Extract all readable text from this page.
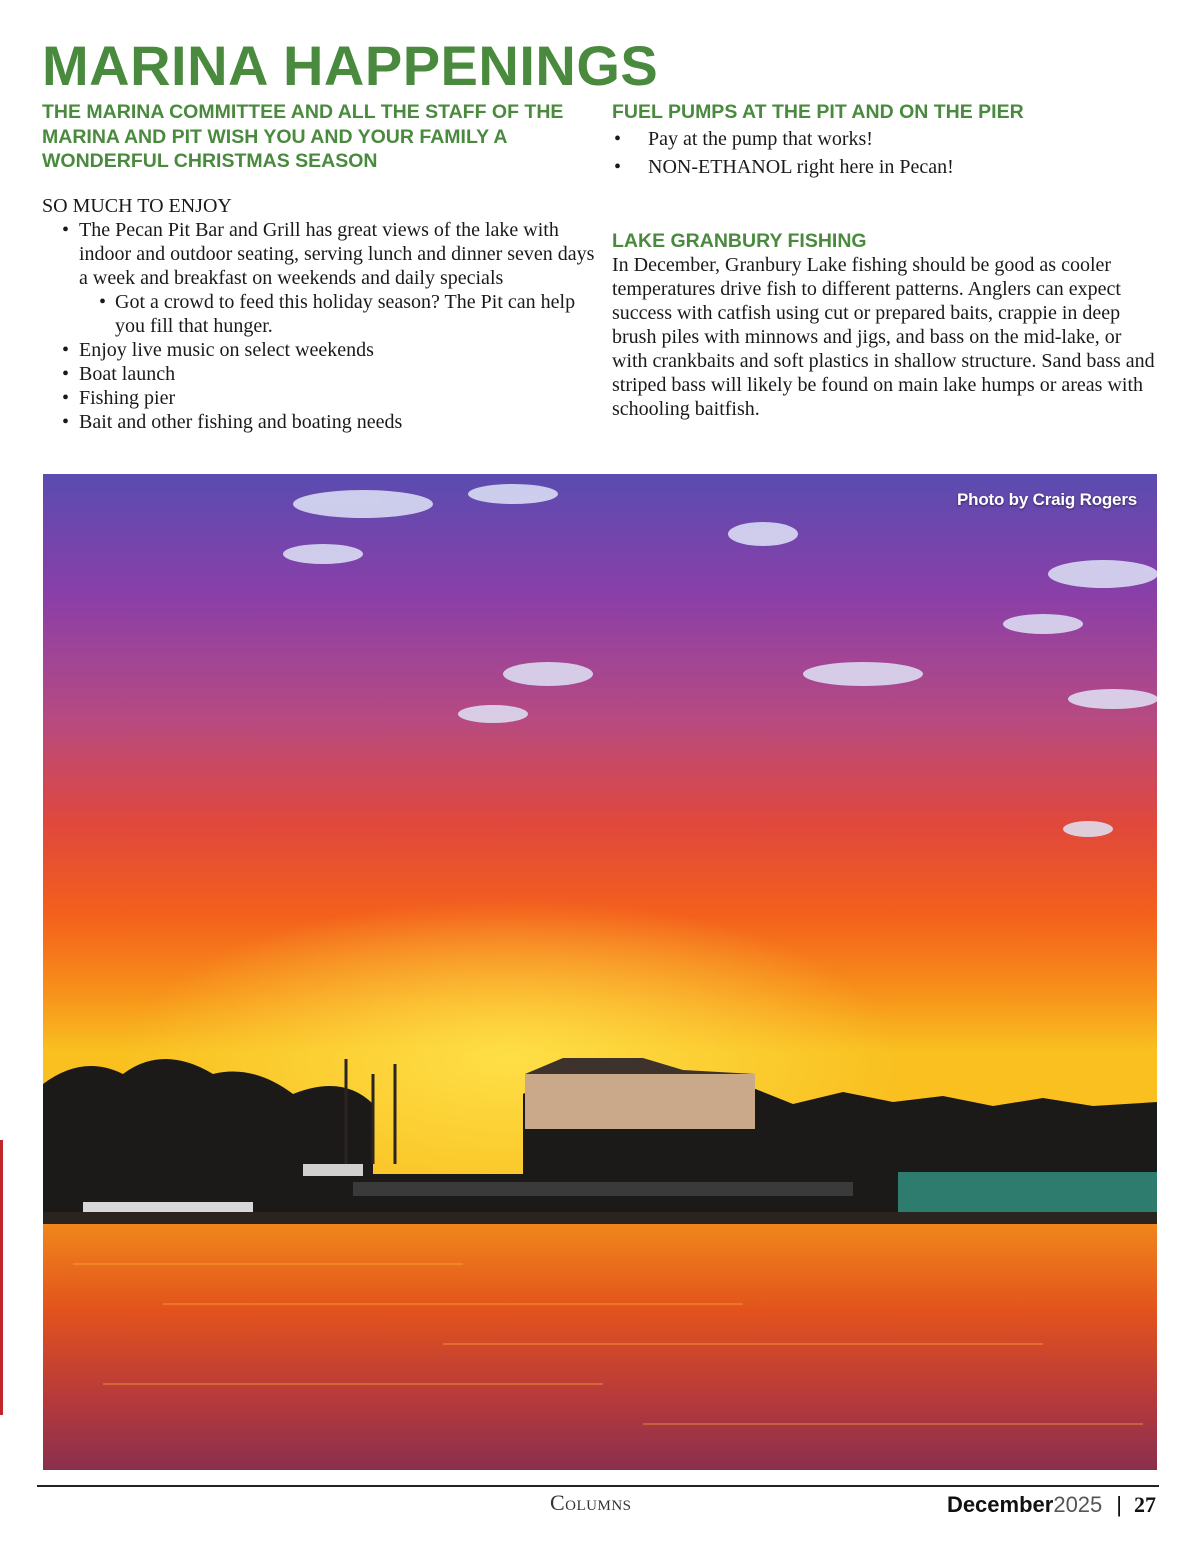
MARINA HAPPENINGS

THE MARINA COMMITTEE AND ALL THE STAFF OF THE MARINA AND PIT WISH YOU AND YOUR FAMILY A WONDERFUL CHRISTMAS SEASON

SO MUCH TO ENJOY

• The Pecan Pit Bar and Grill has great views of the lake with indoor and outdoor seating, serving lunch and dinner seven days a week and breakfast on weekends and daily specials
• Got a crowd to feed this holiday season? The Pit can help you fill that hunger.
• Enjoy live music on select weekends
• Boat launch
• Fishing pier
• Bait and other fishing and boating needs

FUEL PUMPS AT THE PIT AND ON THE PIER

• Pay at the pump that works!
• NON-ETHANOL right here in Pecan!

LAKE GRANBURY FISHING

In December, Granbury Lake fishing should be good as cooler temperatures drive fish to different patterns. Anglers can expect success with catfish using cut or prepared baits, crappie in deep brush piles with minnows and jigs, and bass on the mid-lake, or with crankbaits and soft plastics in shallow structure. Sand bass and striped bass will likely be found on main lake humps or areas with schooling baitfish.

Photo by Craig Rogers
Columns	December2025 | 27
